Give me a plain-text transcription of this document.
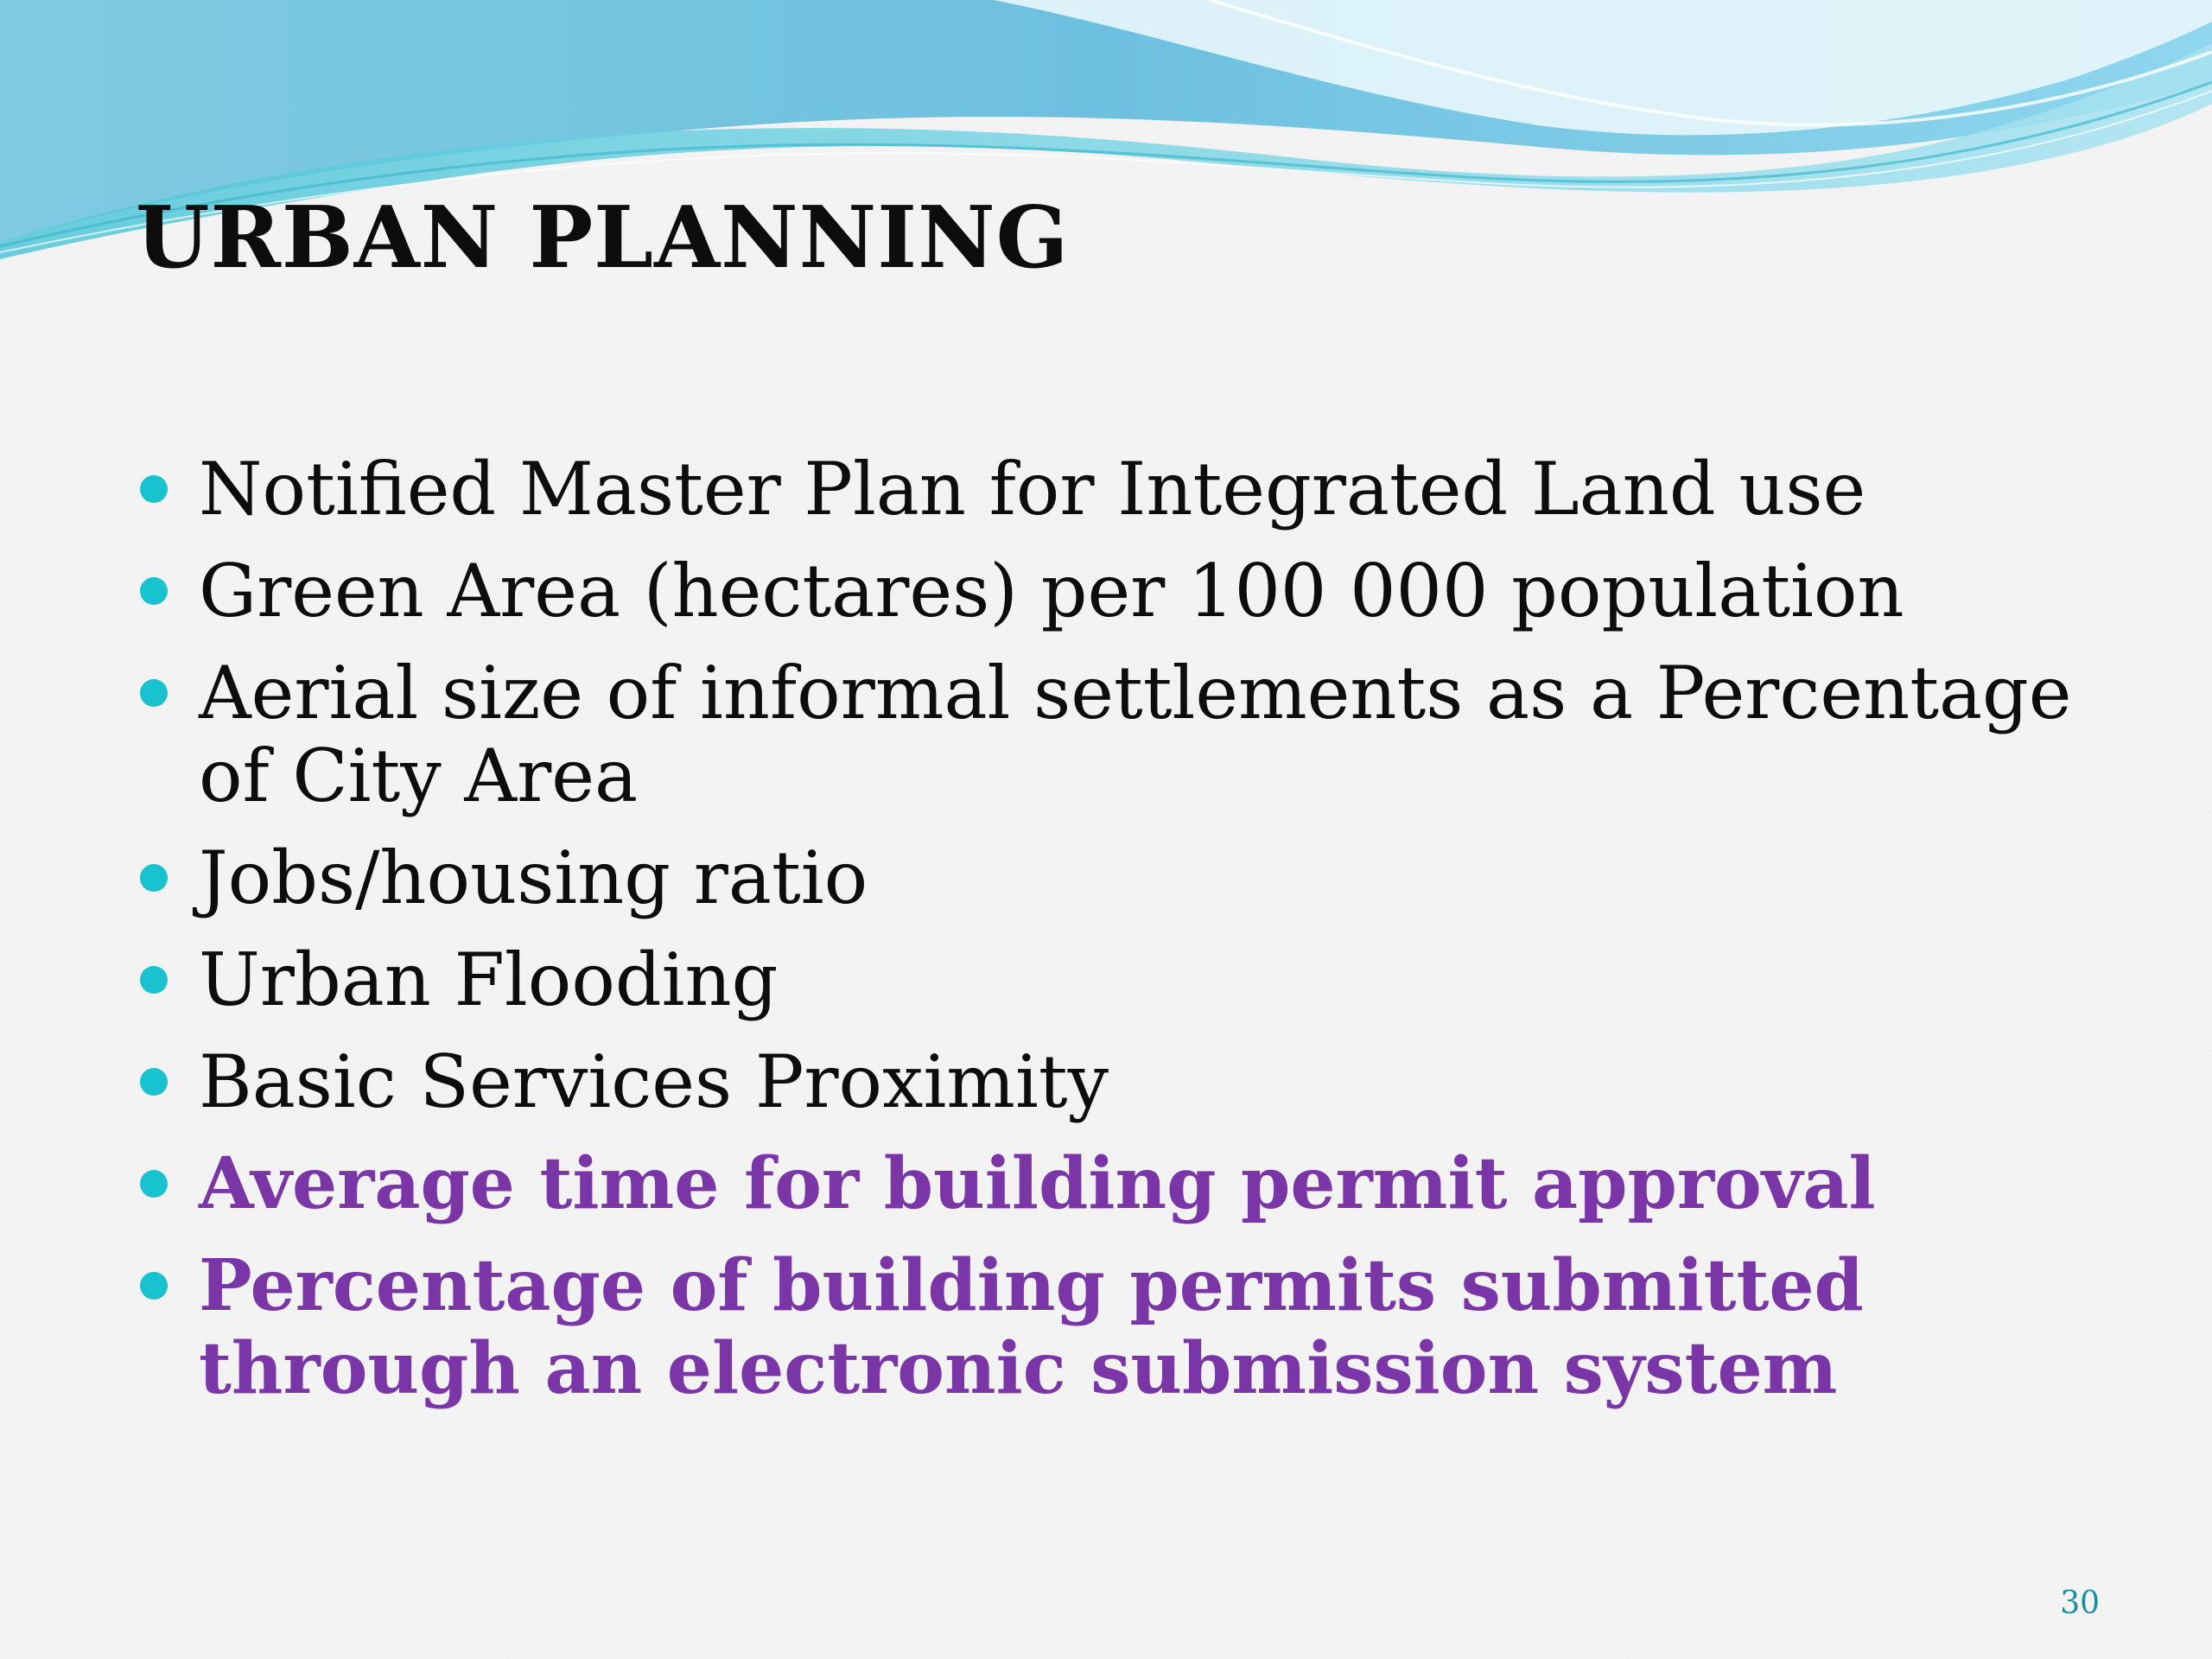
URBAN PLANNING
Notified Master Plan for Integrated Land use
Green Area (hectares) per 100 000 population
Aerial size of informal settlements as a Percentage of City Area
Jobs/housing ratio
Urban Flooding
Basic Services Proximity
Average time for building permit approval
Percentage of building permits submitted through an electronic submission system
30
